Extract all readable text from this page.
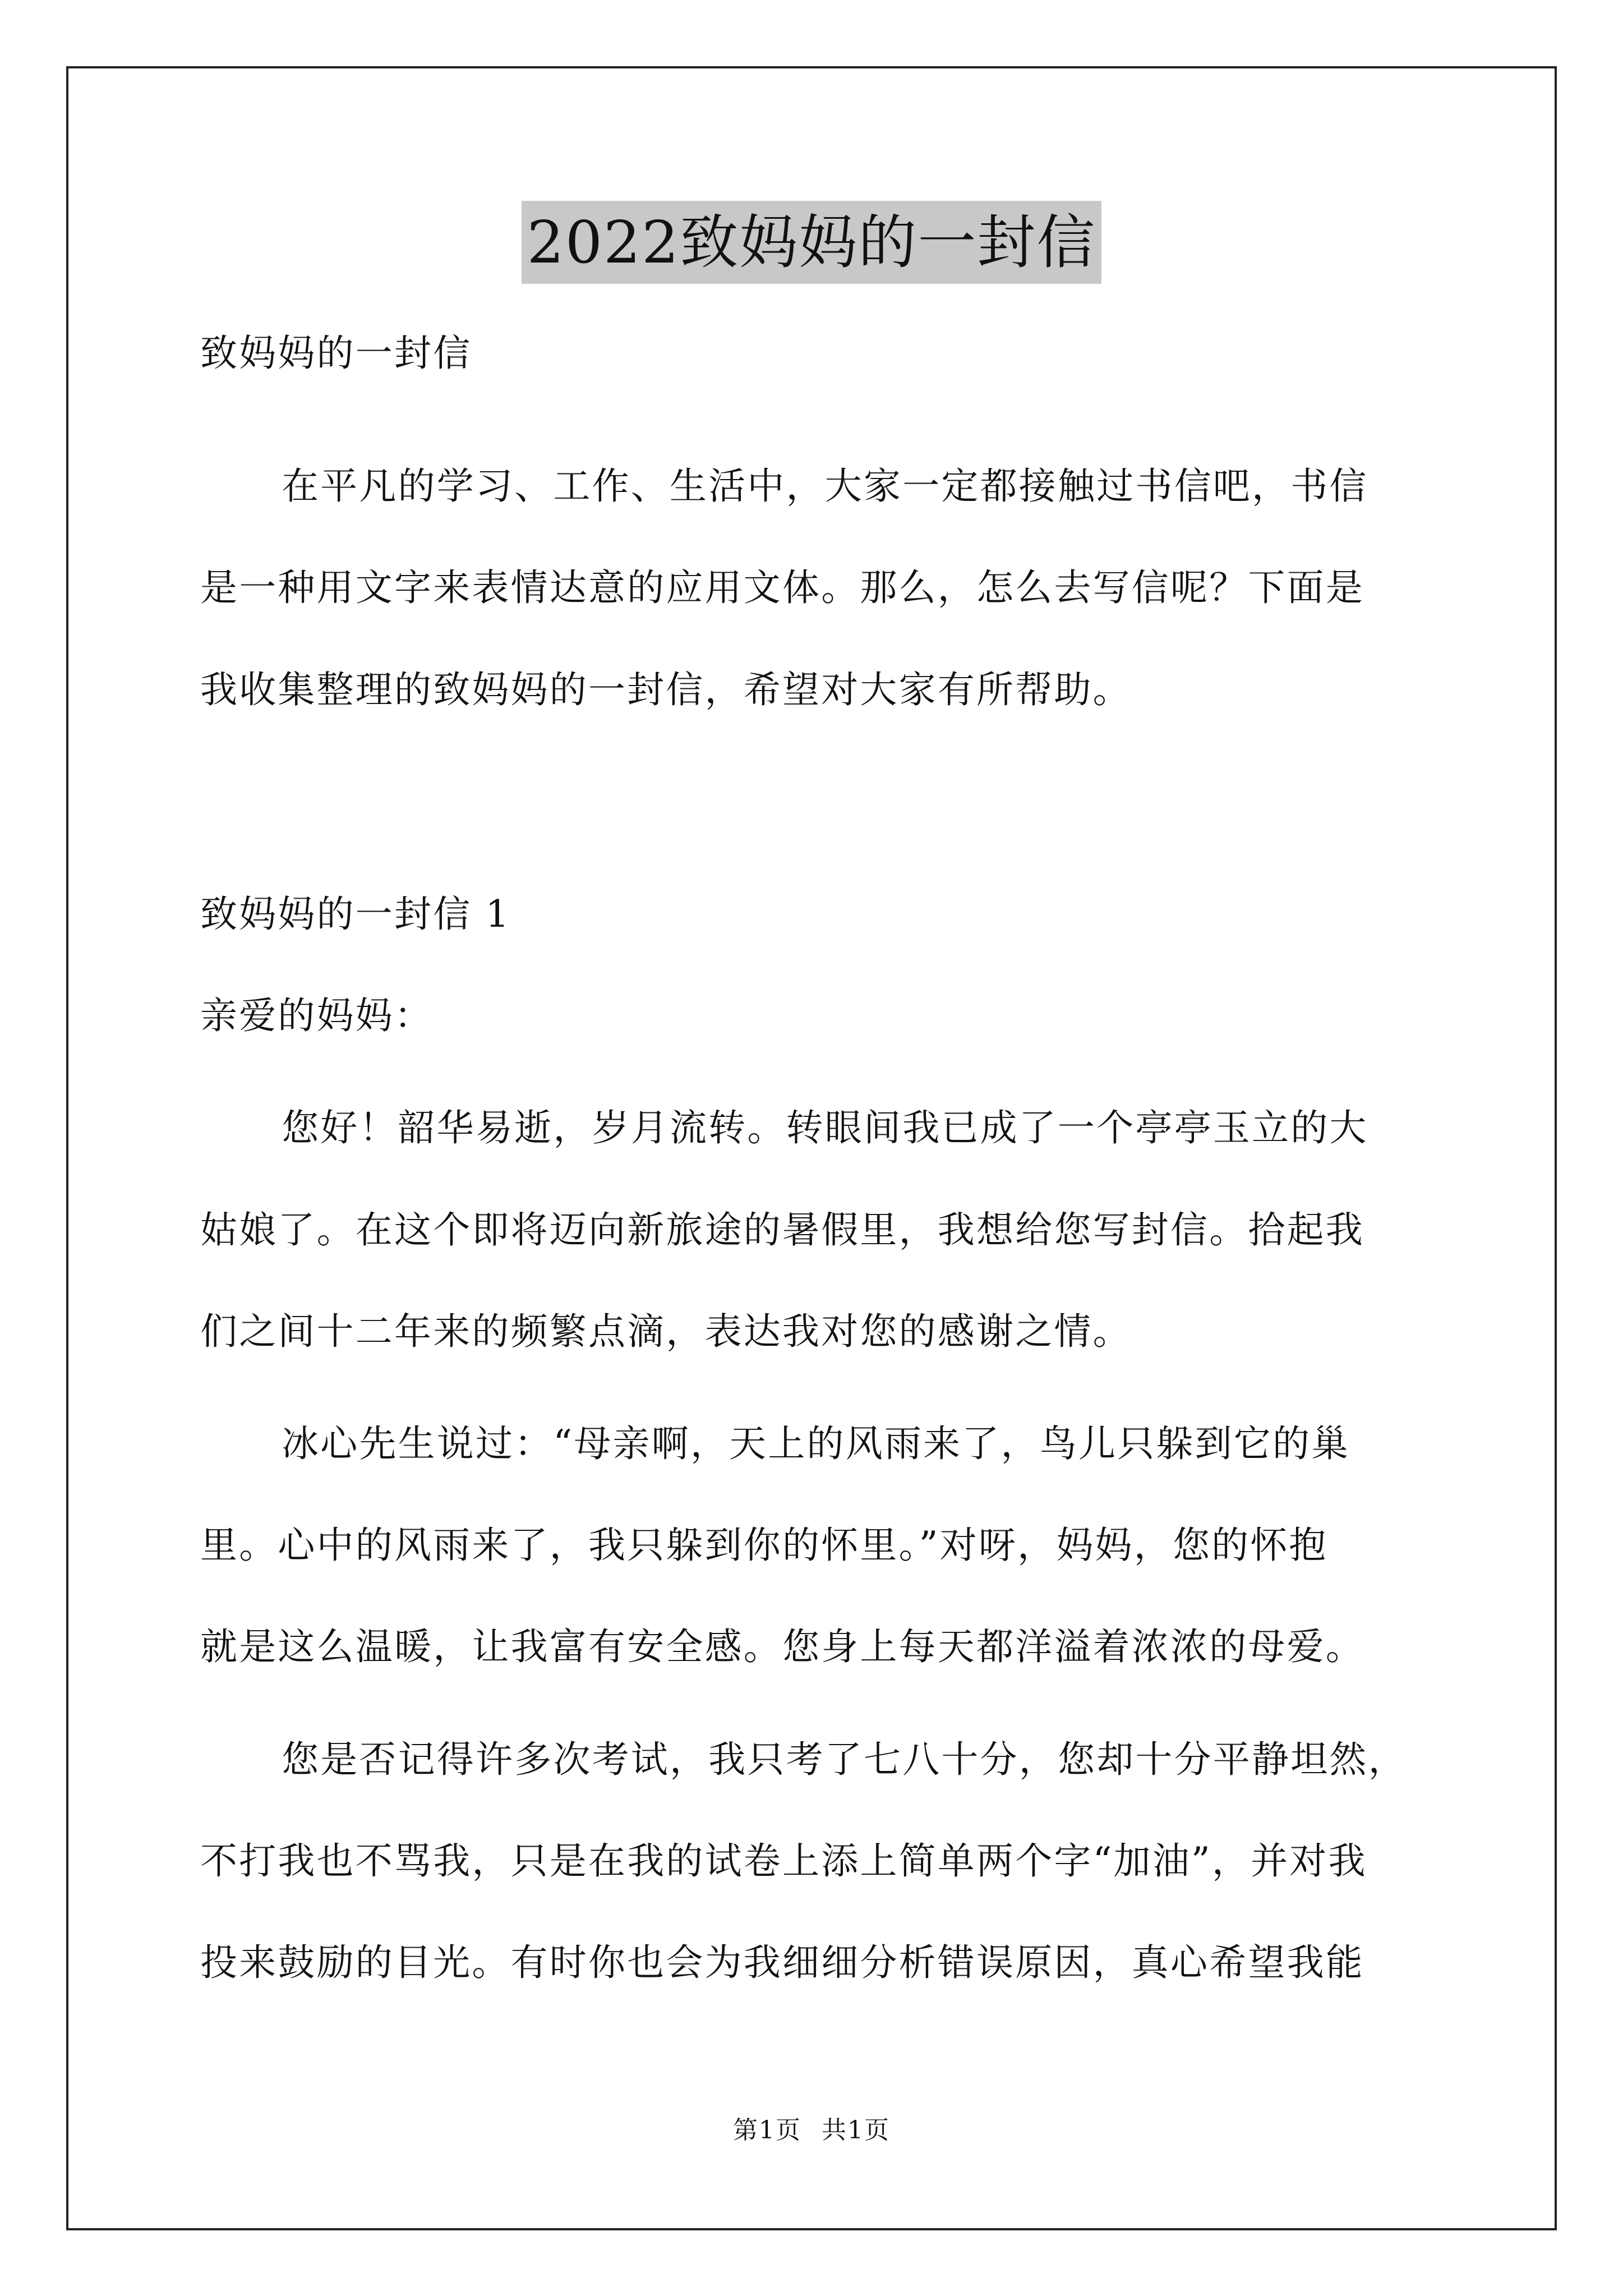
2022致妈妈的一封信
致妈妈的一封信
在平凡的学习、工作、生活中，大家一定都接触过书信吧，书信
是一种用文字来表情达意的应用文体。那么，怎么去写信呢？下面是
我收集整理的致妈妈的一封信，希望对大家有所帮助。
致妈妈的一封信 1
亲爱的妈妈：
您好！韶华易逝，岁月流转。转眼间我已成了一个亭亭玉立的大
姑娘了。在这个即将迈向新旅途的暑假里，我想给您写封信。拾起我
们之间十二年来的频繁点滴，表达我对您的感谢之情。
冰心先生说过：“母亲啊，天上的风雨来了，鸟儿只躲到它的巢
里。心中的风雨来了，我只躲到你的怀里。”对呀，妈妈，您的怀抱
就是这么温暖，让我富有安全感。您身上每天都洋溢着浓浓的母爱。
您是否记得许多次考试，我只考了七八十分，您却十分平静坦然，
不打我也不骂我，只是在我的试卷上添上简单两个字“加油”，并对我
投来鼓励的目光。有时你也会为我细细分析错误原因，真心希望我能
第1页 共1页
